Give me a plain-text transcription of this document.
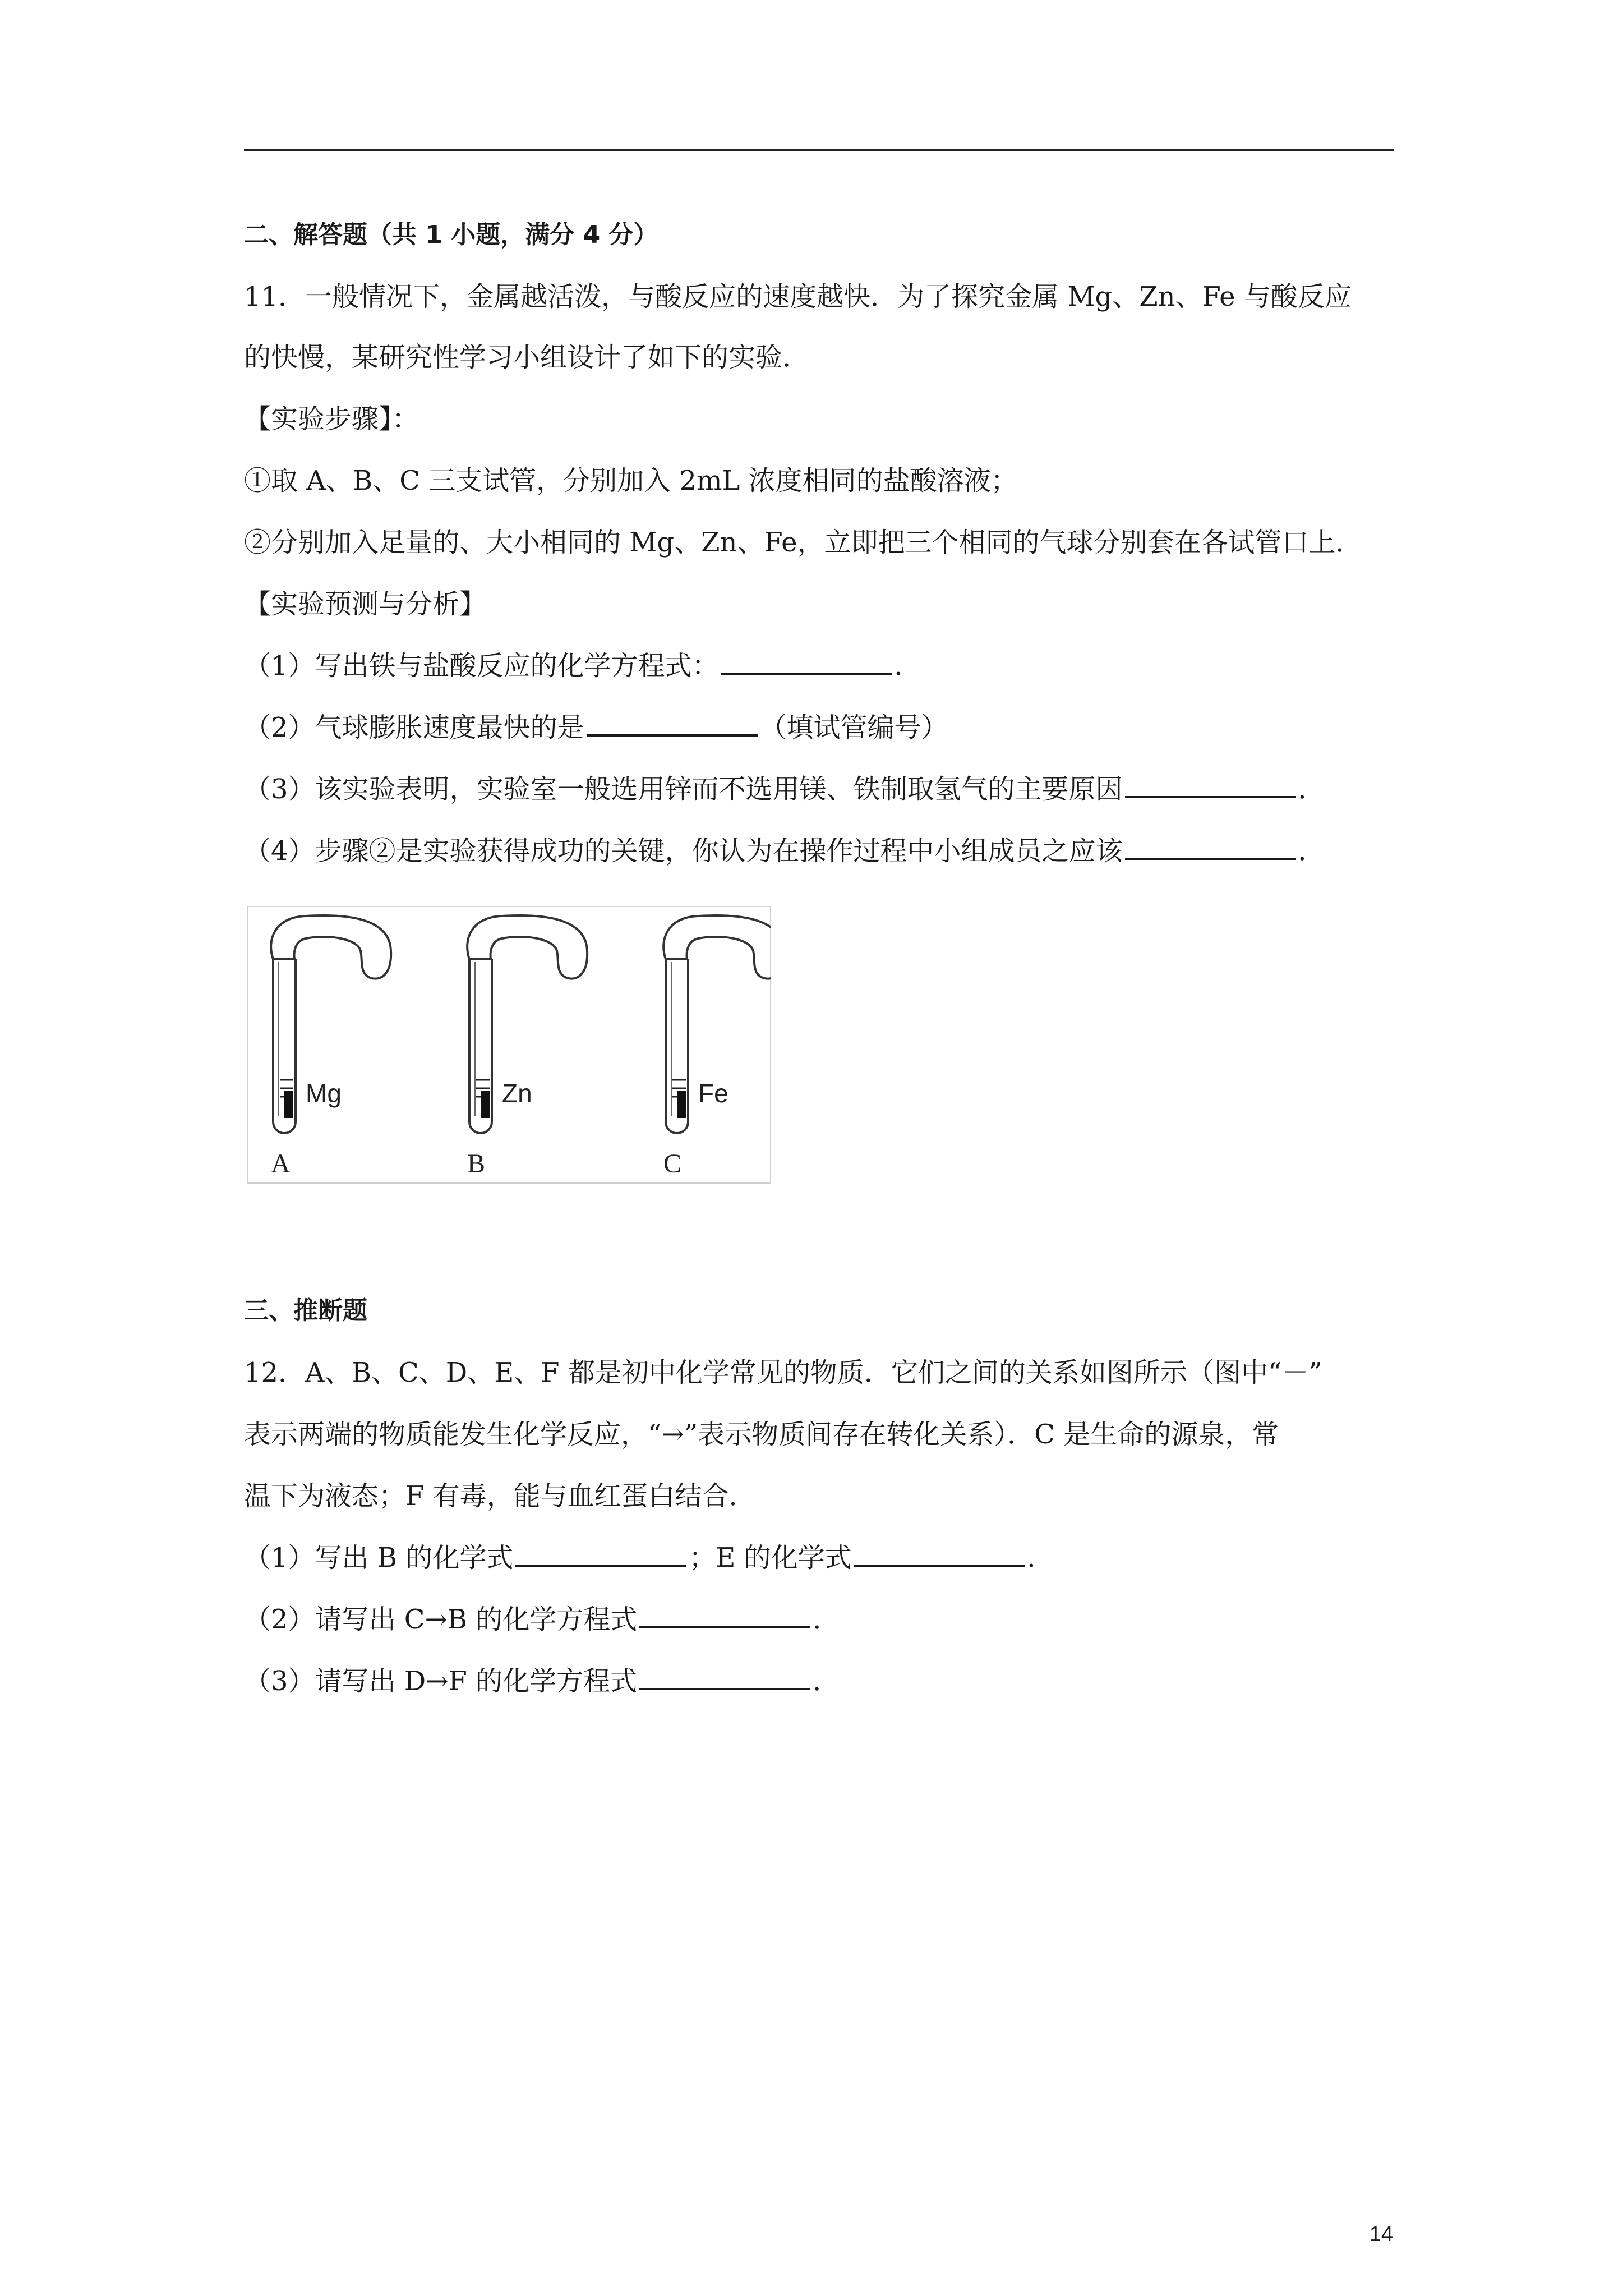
二、解答题（共 1 小题，满分 4 分）
11．一般情况下，金属越活泼，与酸反应的速度越快．为了探究金属 Mg、Zn、Fe 与酸反应
的快慢，某研究性学习小组设计了如下的实验．
【实验步骤】：
①取 A、B、C 三支试管，分别加入 2mL 浓度相同的盐酸溶液；
②分别加入足量的、大小相同的 Mg、Zn、Fe，立即把三个相同的气球分别套在各试管口上．
【实验预测与分析】
（1）写出铁与盐酸反应的化学方程式：	．
（2）气球膨胀速度最快的是	（填试管编号）
（3）该实验表明，实验室一般选用锌而不选用镁、铁制取氢气的主要原因	．
（4）步骤②是实验获得成功的关键，你认为在操作过程中小组成员之应该	．
三、推断题
12．A、B、C、D、E、F 都是初中化学常见的物质．它们之间的关系如图所示（图中“－”
表示两端的物质能发生化学反应，“→”表示物质间存在转化关系）．C 是生命的源泉，常
温下为液态；F 有毒，能与血红蛋白结合．
（1）写出 B 的化学式	；E 的化学式	．
（2）请写出 C→B 的化学方程式	．
（3）请写出 D→F 的化学方程式	．
Mg
A
Zn
B
Fe
C
14
